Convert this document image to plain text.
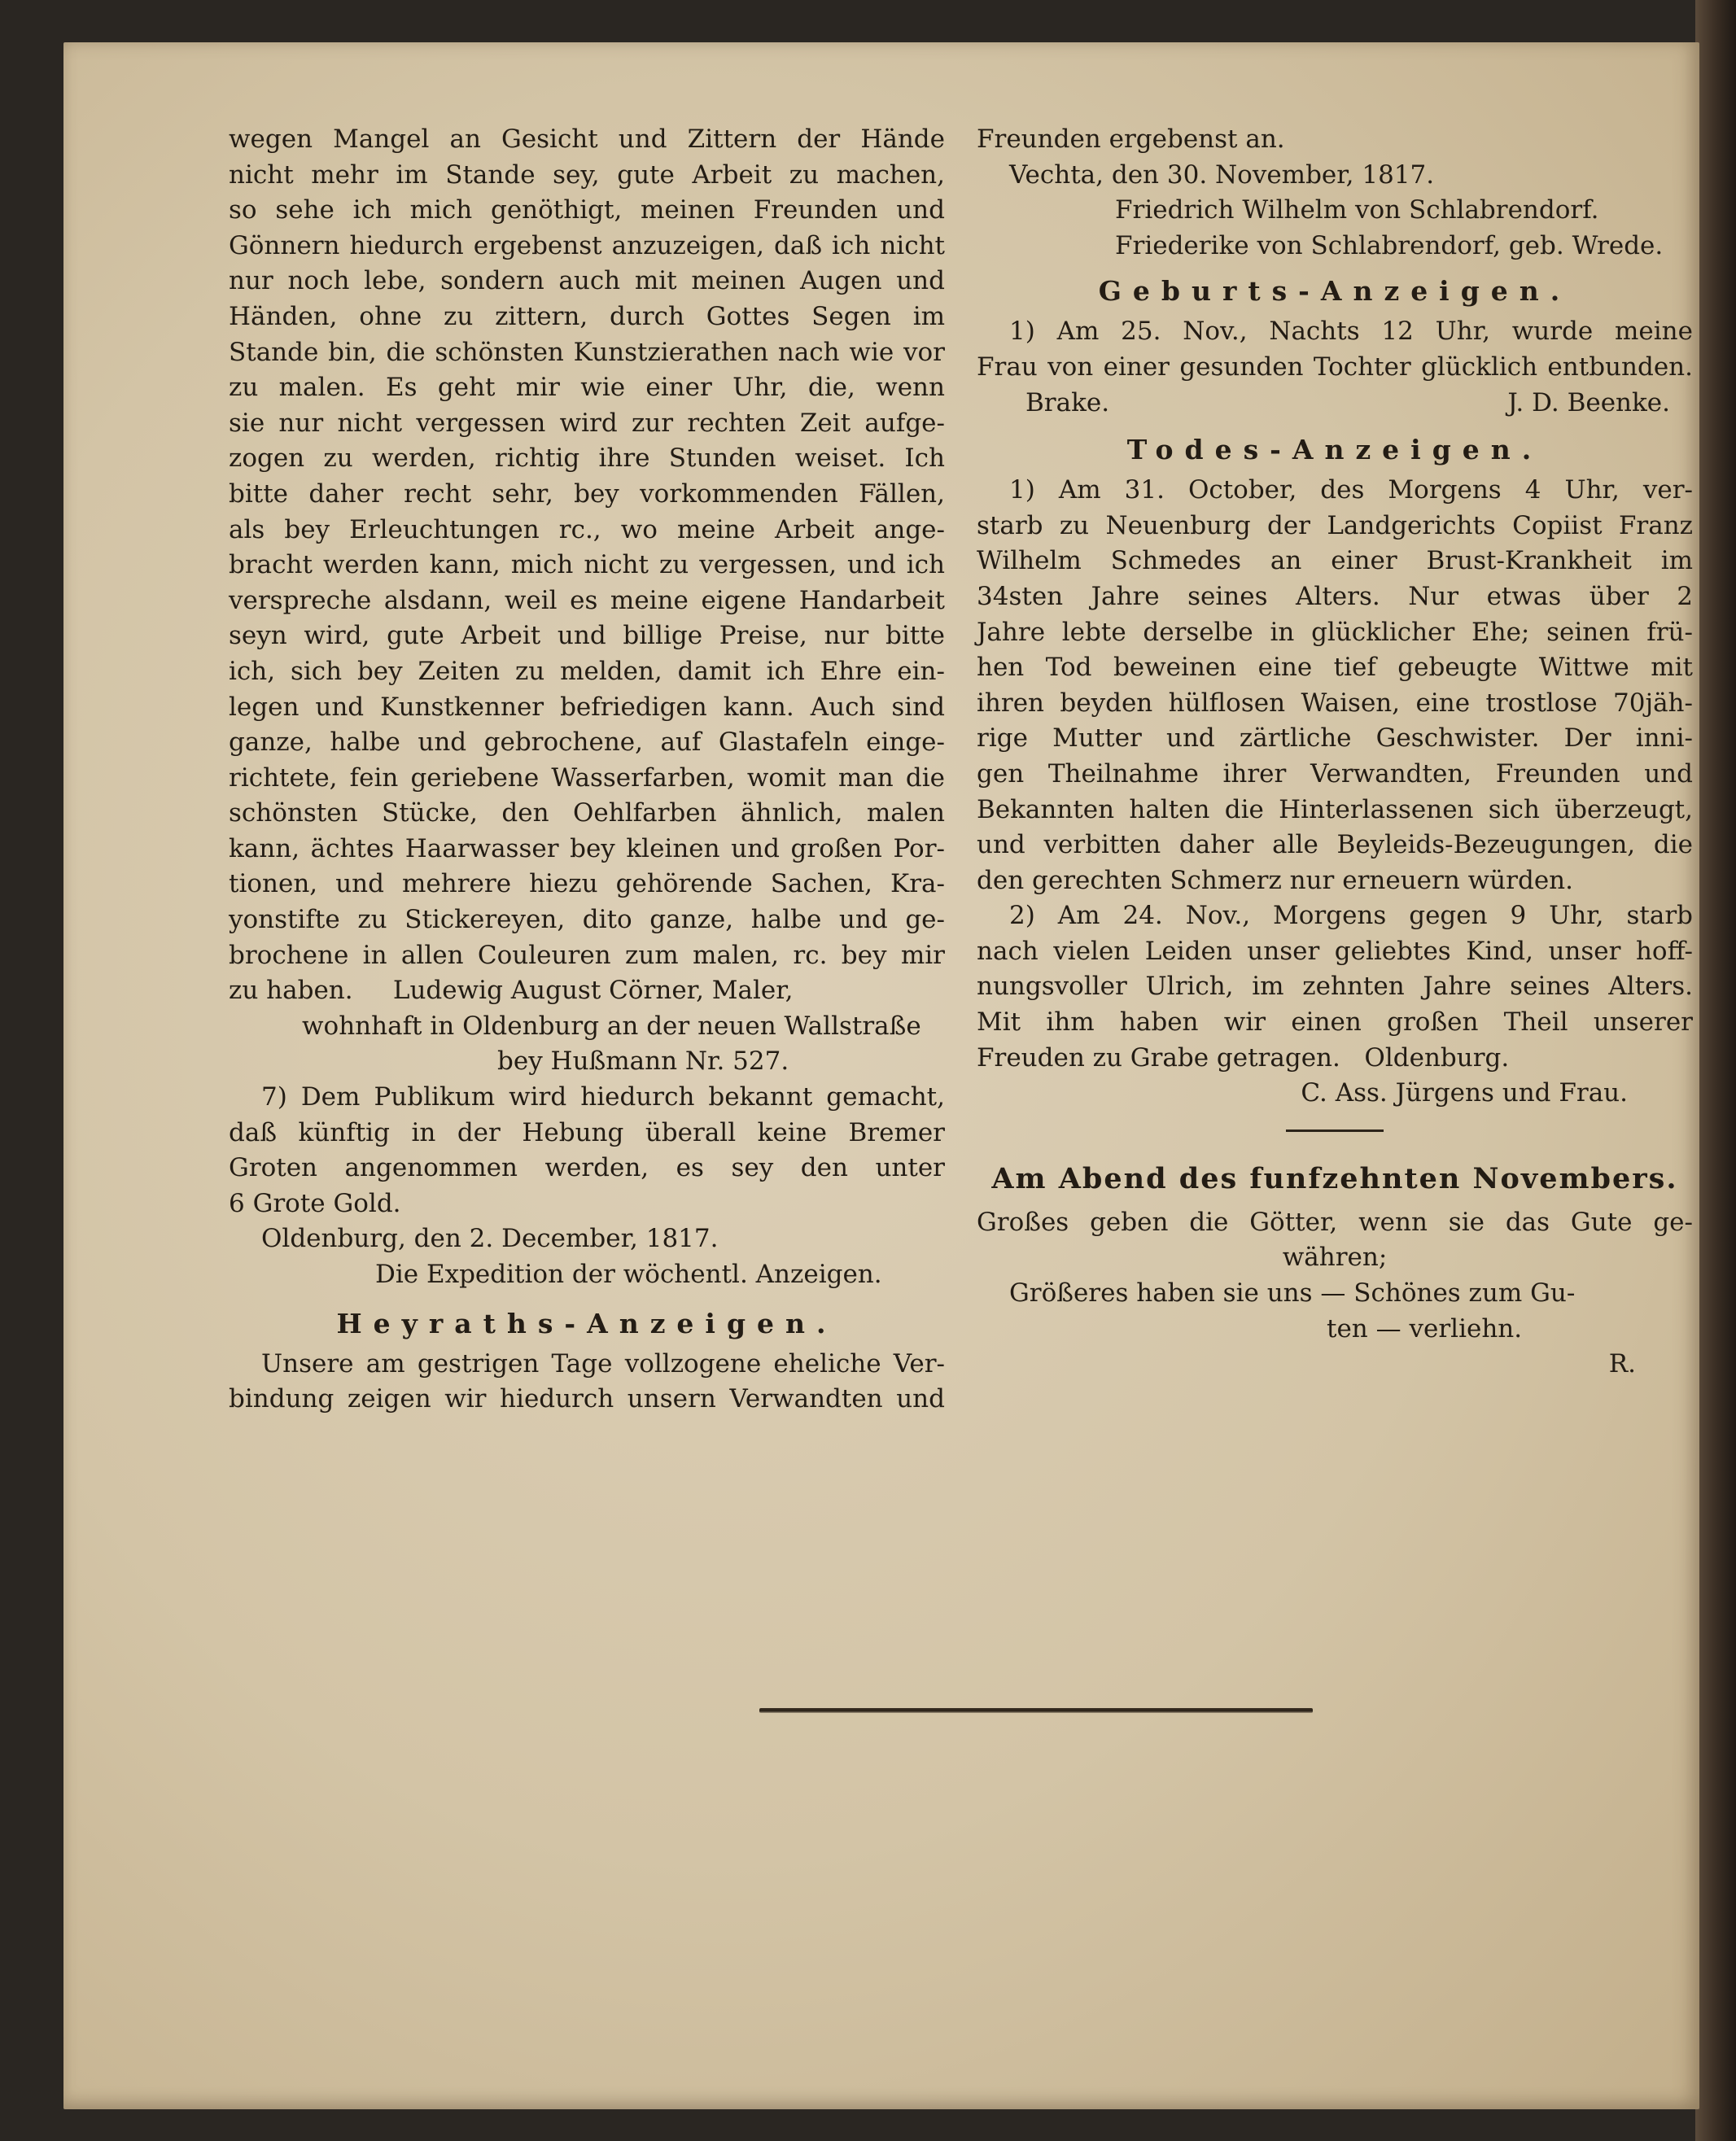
wegen Mangel an Gesicht und Zittern der Hände
nicht mehr im Stande sey, gute Arbeit zu machen,
so sehe ich mich genöthigt, meinen Freunden und
Gönnern hiedurch ergebenst anzuzeigen, daß ich nicht
nur noch lebe, sondern auch mit meinen Augen und
Händen, ohne zu zittern, durch Gottes Segen im
Stande bin, die schönsten Kunstzierathen nach wie vor
zu malen. Es geht mir wie einer Uhr, die, wenn
sie nur nicht vergessen wird zur rechten Zeit aufge-
zogen zu werden, richtig ihre Stunden weiset. Ich
bitte daher recht sehr, bey vorkommenden Fällen,
als bey Erleuchtungen rc., wo meine Arbeit ange-
bracht werden kann, mich nicht zu vergessen, und ich
verspreche alsdann, weil es meine eigene Handarbeit
seyn wird, gute Arbeit und billige Preise, nur bitte
ich, sich bey Zeiten zu melden, damit ich Ehre ein-
legen und Kunstkenner befriedigen kann. Auch sind
ganze, halbe und gebrochene, auf Glastafeln einge-
richtete, fein geriebene Wasserfarben, womit man die
schönsten Stücke, den Oehlfarben ähnlich, malen
kann, ächtes Haarwasser bey kleinen und großen Por-
tionen, und mehrere hiezu gehörende Sachen, Kra-
yonstifte zu Stickereyen, dito ganze, halbe und ge-
brochene in allen Couleuren zum malen, rc. bey mir
zu haben.     Ludewig August Cörner, Maler,
wohnhaft in Oldenburg an der neuen Wallstraße
bey Hußmann Nr. 527.
7) Dem Publikum wird hiedurch bekannt gemacht,
daß künftig in der Hebung überall keine Bremer
Groten angenommen werden, es sey den unter
6 Grote Gold.
Oldenburg, den 2. December, 1817.
Die Expedition der wöchentl. Anzeigen.
Heyraths-Anzeigen.
Unsere am gestrigen Tage vollzogene eheliche Ver-
bindung zeigen wir hiedurch unsern Verwandten und
Freunden ergebenst an.
Vechta, den 30. November, 1817.
Friedrich Wilhelm von Schlabrendorf.
Friederike von Schlabrendorf, geb. Wrede.
Geburts-Anzeigen.
1) Am 25. Nov., Nachts 12 Uhr, wurde meine
Frau von einer gesunden Tochter glücklich entbunden.
Brake.	J. D. Beenke.
Todes-Anzeigen.
1) Am 31. October, des Morgens 4 Uhr, ver-
starb zu Neuenburg der Landgerichts Copiist Franz
Wilhelm Schmedes an einer Brust-Krankheit im
34sten Jahre seines Alters. Nur etwas über 2
Jahre lebte derselbe in glücklicher Ehe; seinen frü-
hen Tod beweinen eine tief gebeugte Wittwe mit
ihren beyden hülflosen Waisen, eine trostlose 70jäh-
rige Mutter und zärtliche Geschwister. Der inni-
gen Theilnahme ihrer Verwandten, Freunden und
Bekannten halten die Hinterlassenen sich überzeugt,
und verbitten daher alle Beyleids-Bezeugungen, die
den gerechten Schmerz nur erneuern würden.
2) Am 24. Nov., Morgens gegen 9 Uhr, starb
nach vielen Leiden unser geliebtes Kind, unser hoff-
nungsvoller Ulrich, im zehnten Jahre seines Alters.
Mit ihm haben wir einen großen Theil unserer
Freuden zu Grabe getragen.   Oldenburg.
C. Ass. Jürgens und Frau.
Am Abend des funfzehnten Novembers.
Großes geben die Götter, wenn sie das Gute ge-
währen;
Größeres haben sie uns — Schönes zum Gu-
ten — verliehn.
R.
